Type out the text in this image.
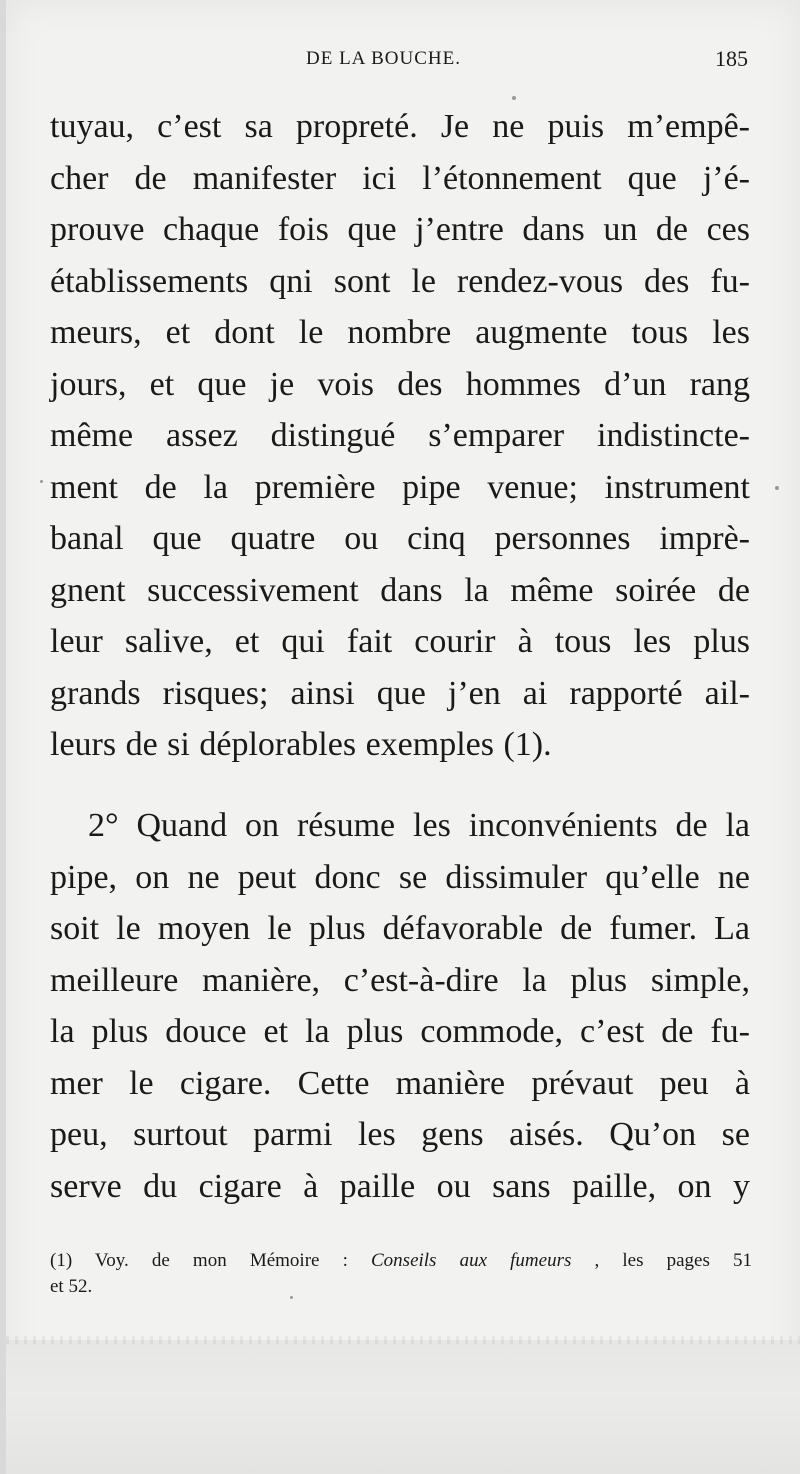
DE LA BOUCHE.	185
tuyau, c’est sa propreté. Je ne puis m’empê-
cher de manifester ici l’étonnement que j’é-
prouve chaque fois que j’entre dans un de ces
établissements qni sont le rendez-vous des fu-
meurs, et dont le nombre augmente tous les
jours, et que je vois des hommes d’un rang
même assez distingué s’emparer indistincte-
ment de la première pipe venue; instrument
banal que quatre ou cinq personnes imprè-
gnent successivement dans la même soirée de
leur salive, et qui fait courir à tous les plus
grands risques; ainsi que j’en ai rapporté ail-
leurs de si déplorables exemples (1).
2° Quand on résume les inconvénients de la
pipe, on ne peut donc se dissimuler qu’elle ne
soit le moyen le plus défavorable de fumer. La
meilleure manière, c’est-à-dire la plus simple,
la plus douce et la plus commode, c’est de fu-
mer le cigare. Cette manière prévaut peu à
peu, surtout parmi les gens aisés. Qu’on se
serve du cigare à paille ou sans paille, on y
(1) Voy. de mon Mémoire : Conseils aux fumeurs , les pages 51
et 52.
